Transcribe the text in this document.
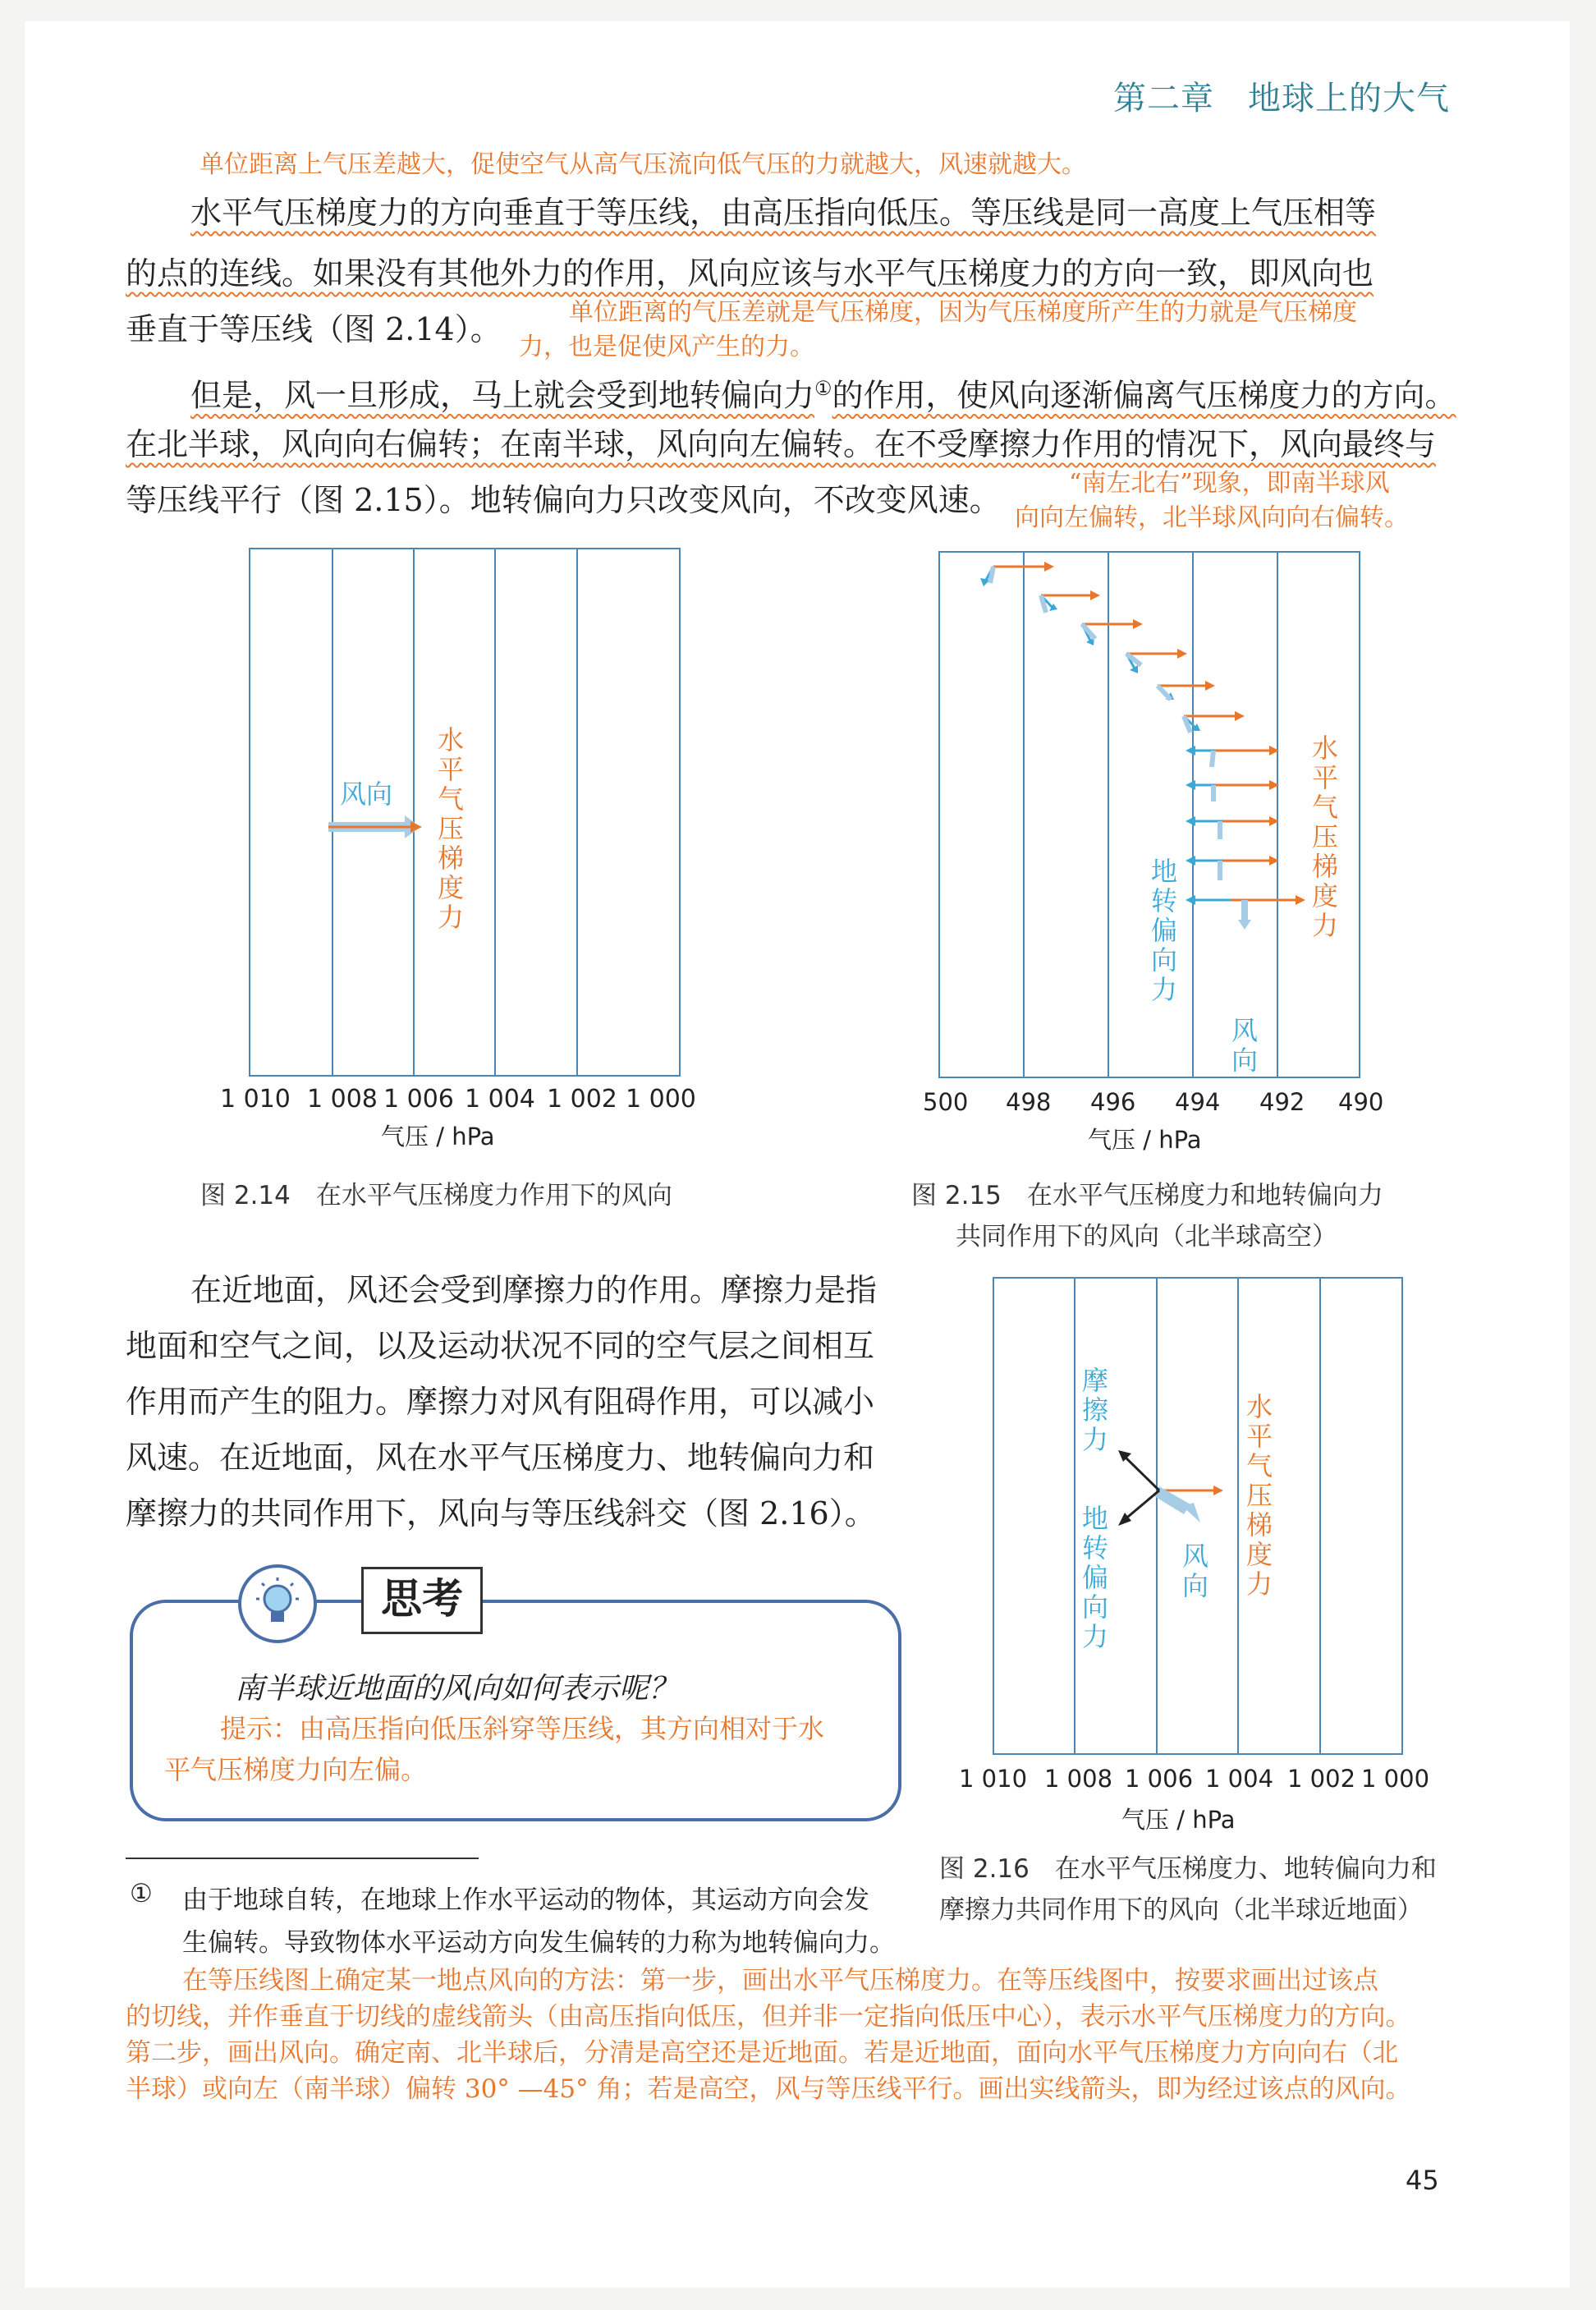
第二章　地球上的大气
单位距离上气压差越大，促使空气从高气压流向低气压的力就越大，风速就越大。
水平气压梯度力的方向垂直于等压线，由高压指向低压。等压线是同一高度上气压相等
的点的连线。如果没有其他外力的作用，风向应该与水平气压梯度力的方向一致，即风向也
垂直于等压线（图 2.14）。	单位距离的气压差就是气压梯度，因为气压梯度所产生的力就是气压梯度
力，也是促使风产生的力。
但是，风一旦形成，马上就会受到地转偏向力①的作用，使风向逐渐偏离气压梯度力的方向。
在北半球，风向向右偏转；在南半球，风向向左偏转。在不受摩擦力作用的情况下，风向最终与
等压线平行（图 2.15）。地转偏向力只改变风向，不改变风速。	“南左北右”现象，即南半球风
向向左偏转，北半球风向向右偏转。
风向
水
平
气
压
梯
度
力
1 010 1 008 1 006 1 004 1 002 1 000
气压 / hPa
图 2.14　在水平气压梯度力作用下的风向
水
平
气
压
梯
度
力
地
转
偏
向
力
风
向
500 498 496 494 492 490
气压 / hPa
图 2.15　在水平气压梯度力和地转偏向力
共同作用下的风向（北半球高空）
在近地面，风还会受到摩擦力的作用。摩擦力是指
地面和空气之间，以及运动状况不同的空气层之间相互
作用而产生的阻力。摩擦力对风有阻碍作用，可以减小
风速。在近地面，风在水平气压梯度力、地转偏向力和
摩擦力的共同作用下，风向与等压线斜交（图 2.16）。
摩
擦
力
地
转
偏
向
力
风
向
水
平
气
压
梯
度
力
1 010 1 008 1 006 1 004 1 002 1 000
气压 / hPa
图 2.16　在水平气压梯度力、地转偏向力和
摩擦力共同作用下的风向（北半球近地面）
思考
南半球近地面的风向如何表示呢？
提示：由高压指向低压斜穿等压线，其方向相对于水
平气压梯度力向左偏。
① 由于地球自转，在地球上作水平运动的物体，其运动方向会发
生偏转。导致物体水平运动方向发生偏转的力称为地转偏向力。
在等压线图上确定某一地点风向的方法：第一步，画出水平气压梯度力。在等压线图中，按要求画出过该点
的切线，并作垂直于切线的虚线箭头（由高压指向低压，但并非一定指向低压中心），表示水平气压梯度力的方向。
第二步，画出风向。确定南、北半球后，分清是高空还是近地面。若是近地面，面向水平气压梯度力方向向右（北
半球）或向左（南半球）偏转 30° —45° 角；若是高空，风与等压线平行。画出实线箭头，即为经过该点的风向。
45
